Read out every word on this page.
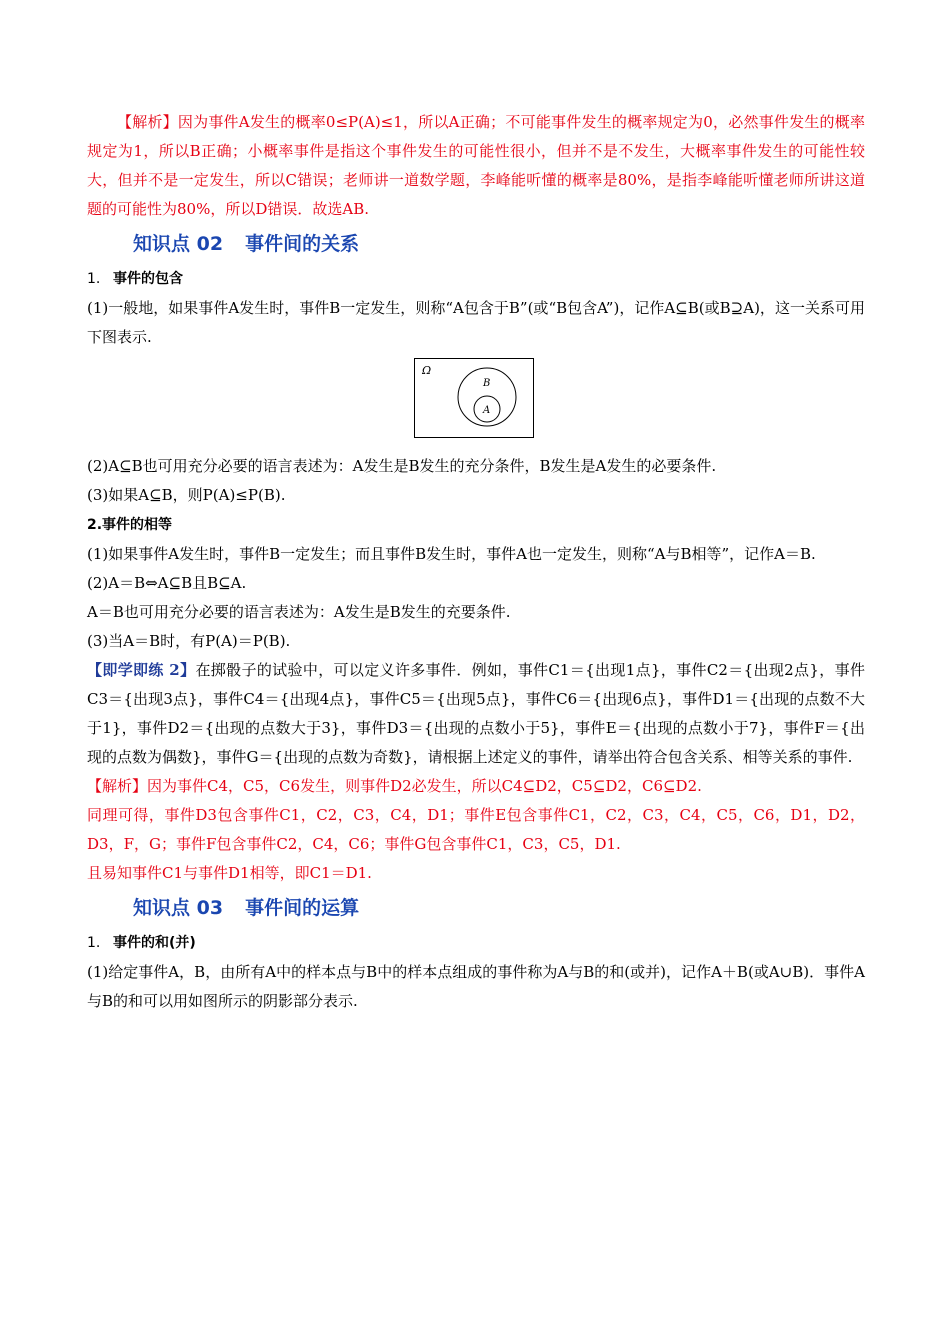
【解析】因为事件A发生的概率0≤P(A)≤1，所以A正确；不可能事件发生的概率规定为0，必然事件发生的概率规定为1，所以B正确；小概率事件是指这个事件发生的可能性很小，但并不是不发生，大概率事件发生的可能性较大，但并不是一定发生，所以C错误；老师讲一道数学题，李峰能听懂的概率是80%，是指李峰能听懂老师所讲这道题的可能性为80%，所以D错误．故选AB.

知识点 02 事件间的关系

1. 事件的包含

(1)一般地，如果事件A发生时，事件B一定发生，则称“A包含于B”(或“B包含A”)，记作A⊆B(或B⊇A)，这一关系可用下图表示.

Ω
B
A

(2)A⊆B也可用充分必要的语言表述为：A发生是B发生的充分条件，B发生是A发生的必要条件.

(3)如果A⊆B，则P(A)≤P(B).

2.事件的相等

(1)如果事件A发生时，事件B一定发生；而且事件B发生时，事件A也一定发生，则称“A与B相等”，记作A＝B.

(2)A＝B⇔A⊆B且B⊆A.

A＝B也可用充分必要的语言表述为：A发生是B发生的充要条件.

(3)当A＝B时，有P(A)＝P(B).

【即学即练 2】在掷骰子的试验中，可以定义许多事件．例如，事件C1＝{出现1点}，事件C2＝{出现2点}，事件C3＝{出现3点}，事件C4＝{出现4点}，事件C5＝{出现5点}，事件C6＝{出现6点}，事件D1＝{出现的点数不大于1}，事件D2＝{出现的点数大于3}，事件D3＝{出现的点数小于5}，事件E＝{出现的点数小于7}，事件F＝{出现的点数为偶数}，事件G＝{出现的点数为奇数}，请根据上述定义的事件，请举出符合包含关系、相等关系的事件.

【解析】因为事件C4，C5，C6发生，则事件D2必发生，所以C4⊆D2，C5⊆D2，C6⊆D2.

同理可得，事件D3包含事件C1，C2，C3，C4，D1；事件E包含事件C1，C2，C3，C4，C5，C6，D1，D2，D3，F，G；事件F包含事件C2，C4，C6；事件G包含事件C1，C3，C5，D1.

且易知事件C1与事件D1相等，即C1＝D1.

知识点 03 事件间的运算

1. 事件的和(并)

(1)给定事件A，B，由所有A中的样本点与B中的样本点组成的事件称为A与B的和(或并)，记作A＋B(或A∪B)．事件A与B的和可以用如图所示的阴影部分表示.
